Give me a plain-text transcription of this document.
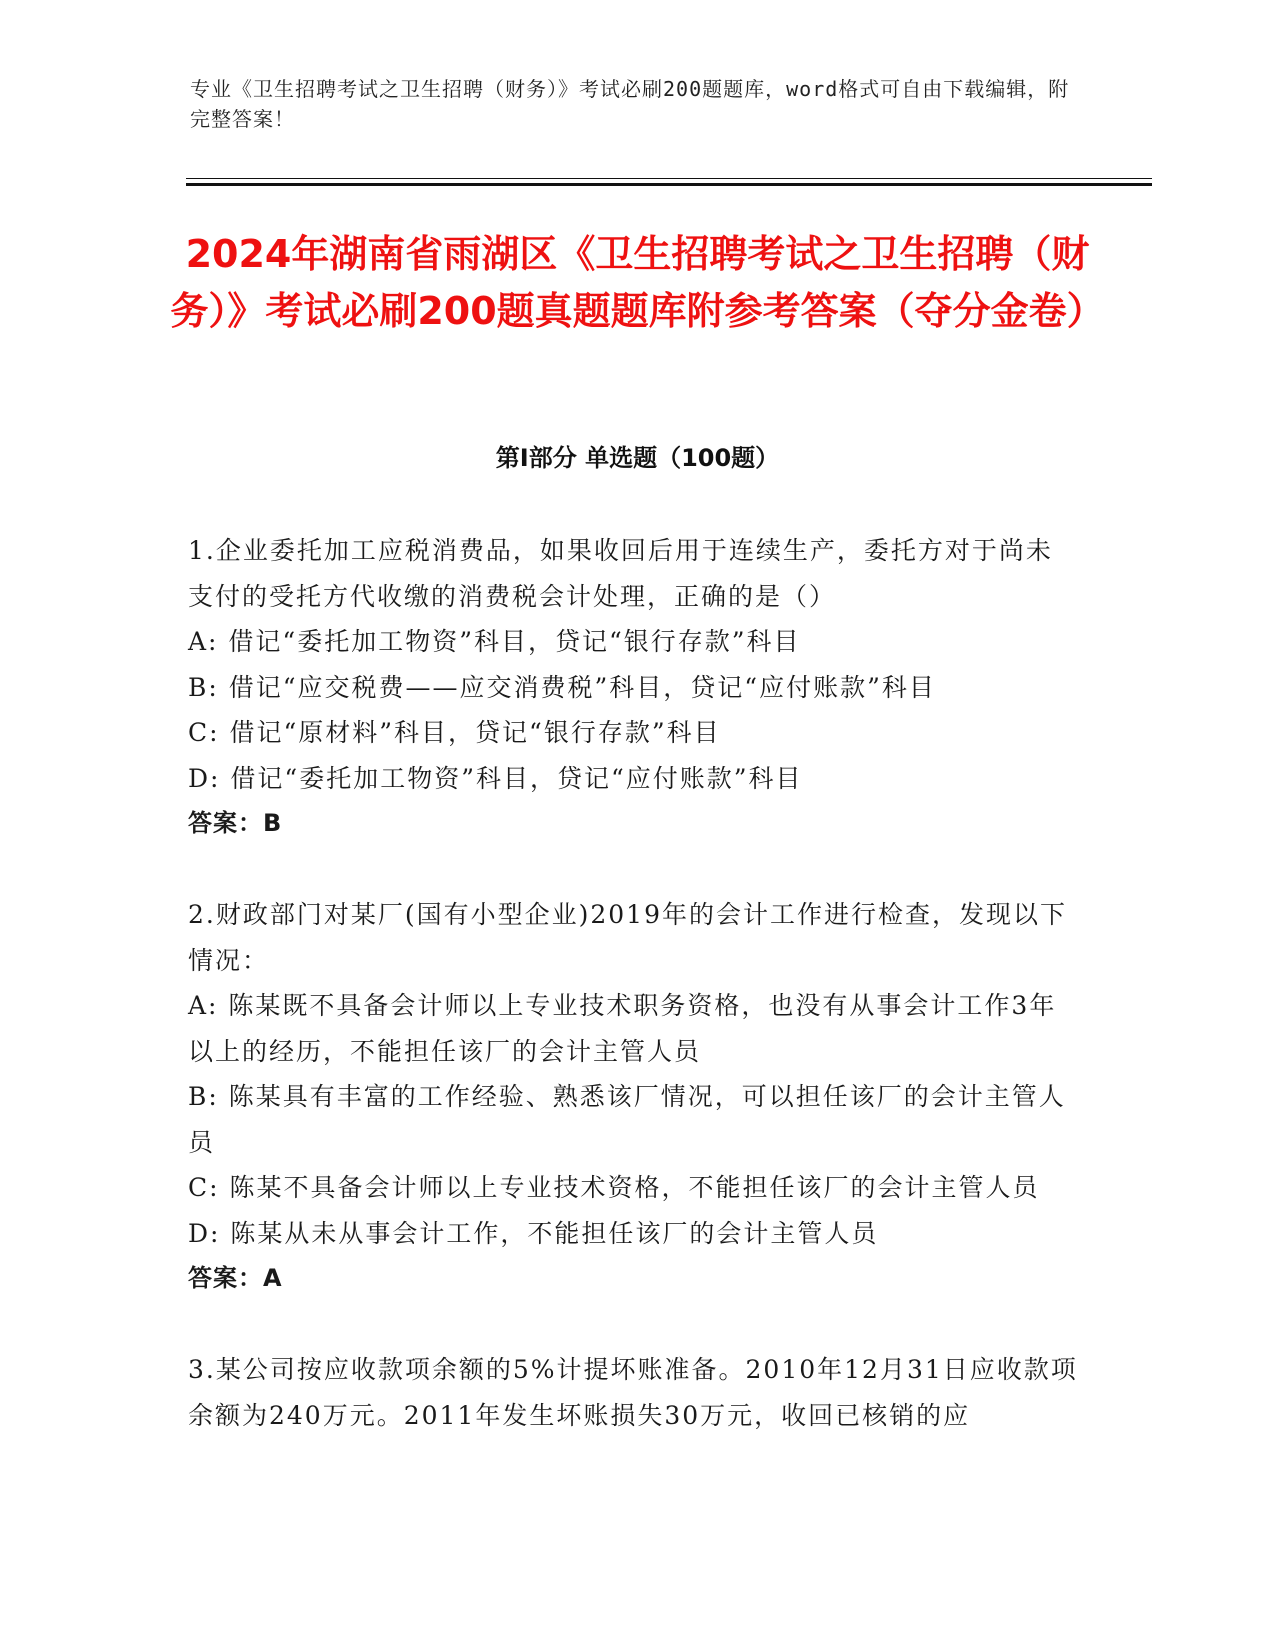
专业《卫生招聘考试之卫生招聘（财务）》考试必刷200题题库，word格式可自由下载编辑，附完整答案！
2024年湖南省雨湖区《卫生招聘考试之卫生招聘（财务）》考试必刷200题真题题库附参考答案（夺分金卷）
第Ⅰ部分 单选题（100题）
1.企业委托加工应税消费品，如果收回后用于连续生产，委托方对于尚未支付的受托方代收缴的消费税会计处理，正确的是（）
A: 借记“委托加工物资”科目，贷记“银行存款”科目
B: 借记“应交税费——应交消费税”科目，贷记“应付账款”科目
C: 借记“原材料”科目，贷记“银行存款”科目
D: 借记“委托加工物资”科目，贷记“应付账款”科目
答案：B
2.财政部门对某厂(国有小型企业)2019年的会计工作进行检查，发现以下情况：
A: 陈某既不具备会计师以上专业技术职务资格，也没有从事会计工作3年以上的经历，不能担任该厂的会计主管人员
B: 陈某具有丰富的工作经验、熟悉该厂情况，可以担任该厂的会计主管人员
C: 陈某不具备会计师以上专业技术资格，不能担任该厂的会计主管人员
D: 陈某从未从事会计工作，不能担任该厂的会计主管人员
答案：A
3.某公司按应收款项余额的5%计提坏账准备。2010年12月31日应收款项余额为240万元。2011年发生坏账损失30万元，收回已核销的应
